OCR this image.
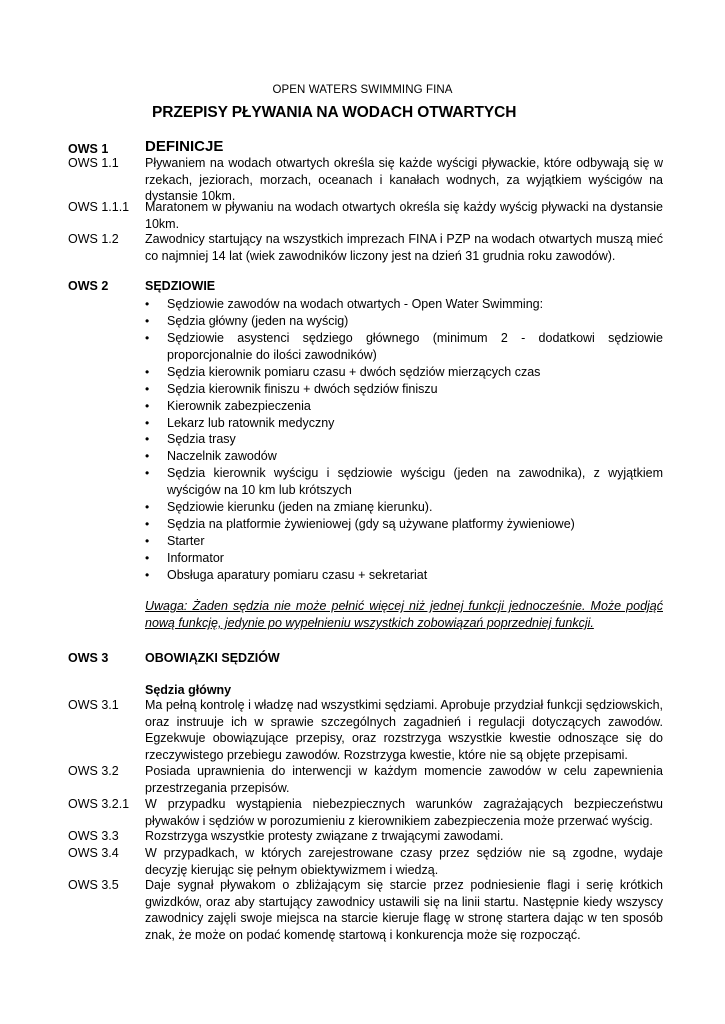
OPEN WATERS SWIMMING FINA
PRZEPISY PŁYWANIA NA WODACH OTWARTYCH
OWS 1 DEFINICJE
OWS 1.1 Pływaniem na wodach otwartych określa się każde wyścigi pływackie, które odbywają się w rzekach, jeziorach, morzach, oceanach i kanałach wodnych, za wyjątkiem wyścigów na dystansie 10km.
OWS 1.1.1 Maratonem w pływaniu na wodach otwartych określa się każdy wyścig pływacki na dystansie 10km.
OWS 1.2 Zawodnicy startujący na wszystkich imprezach FINA i PZP na wodach otwartych muszą mieć co najmniej 14 lat (wiek zawodników liczony jest na dzień 31 grudnia roku zawodów).
OWS 2	SĘDZIOWIE
• Sędziowie zawodów na wodach otwartych - Open Water Swimming:
• Sędzia główny (jeden na wyścig)
• Sędziowie asystenci sędziego głównego (minimum 2 - dodatkowi sędziowie proporcjonalnie do ilości zawodników)
• Sędzia kierownik pomiaru czasu + dwóch sędziów mierzących czas
• Sędzia kierownik finiszu + dwóch sędziów finiszu
• Kierownik zabezpieczenia
• Lekarz lub ratownik medyczny
• Sędzia trasy
• Naczelnik zawodów
• Sędzia kierownik wyścigu i sędziowie wyścigu (jeden na zawodnika), z wyjątkiem wyścigów na 10 km lub krótszych
• Sędziowie kierunku (jeden na zmianę kierunku).
• Sędzia na platformie żywieniowej (gdy są używane platformy żywieniowe)
• Starter
• Informator
• Obsługa aparatury pomiaru czasu + sekretariat
Uwaga: Żaden sędzia nie może pełnić więcej niż jednej funkcji jednocześnie. Może podjąć nową funkcję, jedynie po wypełnieniu wszystkich zobowiązań poprzedniej funkcji.
OWS 3	OBOWIĄZKI SĘDZIÓW
Sędzia główny
OWS 3.1 Ma pełną kontrolę i władzę nad wszystkimi sędziami. Aprobuje przydział funkcji sędziowskich, oraz instruuje ich w sprawie szczególnych zagadnień i regulacji dotyczących zawodów. Egzekwuje obowiązujące przepisy, oraz rozstrzyga wszystkie kwestie odnoszące się do rzeczywistego przebiegu zawodów. Rozstrzyga kwestie, które nie są objęte przepisami.
OWS 3.2 Posiada uprawnienia do interwencji w każdym momencie zawodów w celu zapewnienia przestrzegania przepisów.
OWS 3.2.1 W przypadku wystąpienia niebezpiecznych warunków zagrażających bezpieczeństwu pływaków i sędziów w porozumieniu z kierownikiem zabezpieczenia może przerwać wyścig.
OWS 3.3 Rozstrzyga wszystkie protesty związane z trwającymi zawodami.
OWS 3.4 W przypadkach, w których zarejestrowane czasy przez sędziów nie są zgodne, wydaje decyzję kierując się pełnym obiektywizmem i wiedzą.
OWS 3.5 Daje sygnał pływakom o zbliżającym się starcie przez podniesienie flagi i serię krótkich gwizdków, oraz aby startujący zawodnicy ustawili się na linii startu. Następnie kiedy wszyscy zawodnicy zajęli swoje miejsca na starcie kieruje flagę w stronę startera dając w ten sposób znak, że może on podać komendę startową i konkurencja może się rozpocząć.
